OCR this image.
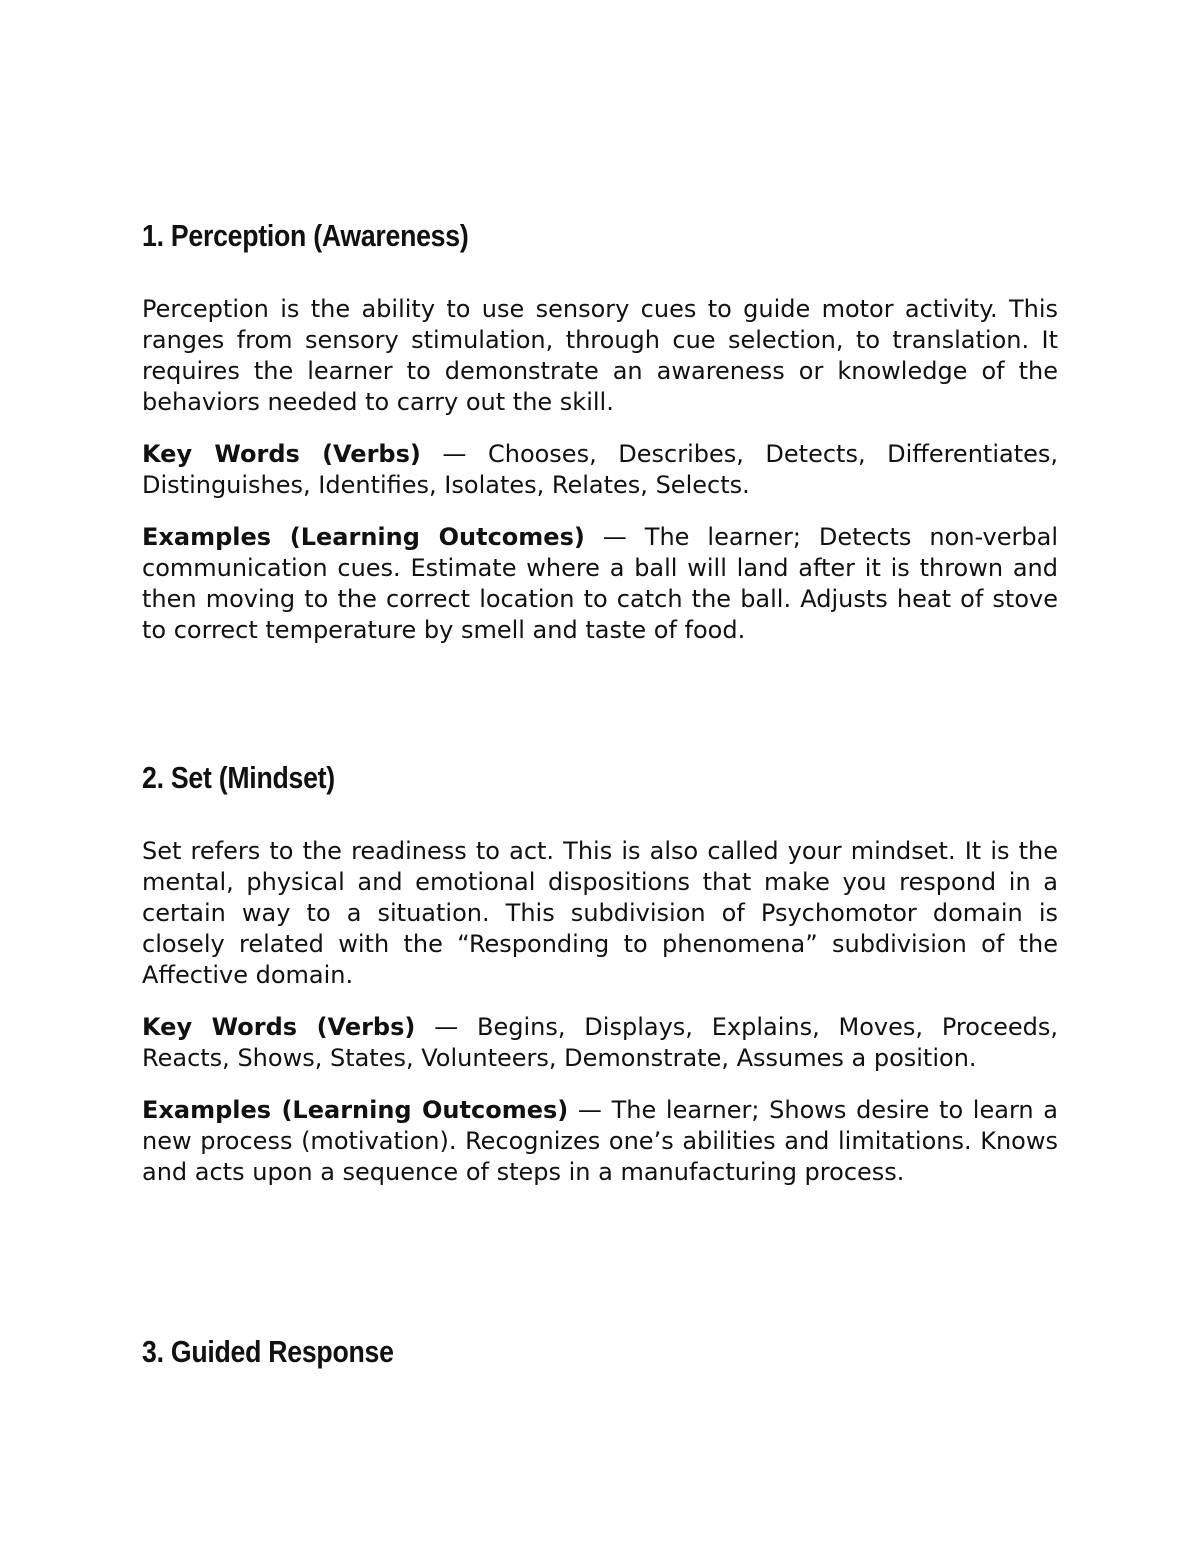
1. Perception (Awareness)

Perception is the ability to use sensory cues to guide motor activity. This ranges from sensory stimulation, through cue selection, to translation. It requires the learner to demonstrate an awareness or knowledge of the behaviors needed to carry out the skill.

Key Words (Verbs) — Chooses, Describes, Detects, Differentiates, Distinguishes, Identifies, Isolates, Relates, Selects.

Examples (Learning Outcomes) — The learner; Detects non-verbal communication cues. Estimate where a ball will land after it is thrown and then moving to the correct location to catch the ball. Adjusts heat of stove to correct temperature by smell and taste of food.

2. Set (Mindset)

Set refers to the readiness to act. This is also called your mindset. It is the mental, physical and emotional dispositions that make you respond in a certain way to a situation. This subdivision of Psychomotor domain is closely related with the “Responding to phenomena” subdivision of the Affective domain.

Key Words (Verbs) — Begins, Displays, Explains, Moves, Proceeds, Reacts, Shows, States, Volunteers, Demonstrate, Assumes a position.

Examples (Learning Outcomes) — The learner; Shows desire to learn a new process (motivation). Recognizes one’s abilities and limitations. Knows and acts upon a sequence of steps in a manufacturing process.

3. Guided Response
